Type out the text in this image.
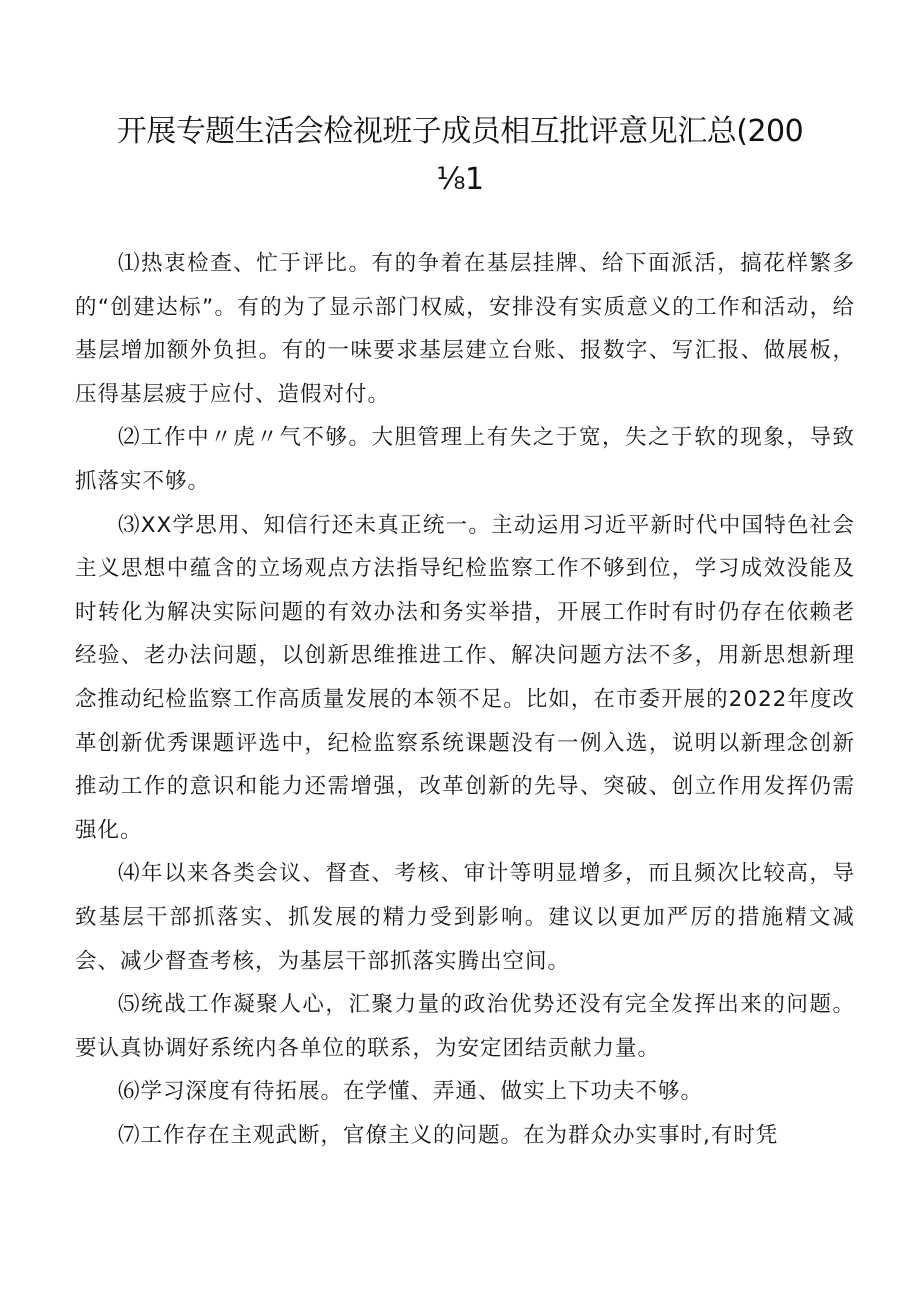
开展专题生活会检视班子成员相互批评意见汇总(200
⅛1

⑴热衷检查、忙于评比。有的争着在基层挂牌、给下面派活，搞花样繁多的“创建达标”。有的为了显示部门权威，安排没有实质意义的工作和活动，给基层增加额外负担。有的一味要求基层建立台账、报数字、写汇报、做展板，压得基层疲于应付、造假对付。

⑵工作中〃虎〃气不够。大胆管理上有失之于宽，失之于软的现象，导致抓落实不够。

⑶XX学思用、知信行还未真正统一。主动运用习近平新时代中国特色社会主义思想中蕴含的立场观点方法指导纪检监察工作不够到位，学习成效没能及时转化为解决实际问题的有效办法和务实举措，开展工作时有时仍存在依赖老经验、老办法问题，以创新思维推进工作、解决问题方法不多，用新思想新理念推动纪检监察工作高质量发展的本领不足。比如，在市委开展的2022年度改革创新优秀课题评选中，纪检监察系统课题没有一例入选，说明以新理念创新推动工作的意识和能力还需增强，改革创新的先导、突破、创立作用发挥仍需强化。

⑷年以来各类会议、督查、考核、审计等明显增多，而且频次比较高，导致基层干部抓落实、抓发展的精力受到影响。建议以更加严厉的措施精文减会、减少督查考核，为基层干部抓落实腾出空间。

⑸统战工作凝聚人心，汇聚力量的政治优势还没有完全发挥出来的问题。要认真协调好系统内各单位的联系，为安定团结贡献力量。

⑹学习深度有待拓展。在学懂、弄通、做实上下功夫不够。

⑺工作存在主观武断，官僚主义的问题。在为群众办实事时,有时凭
